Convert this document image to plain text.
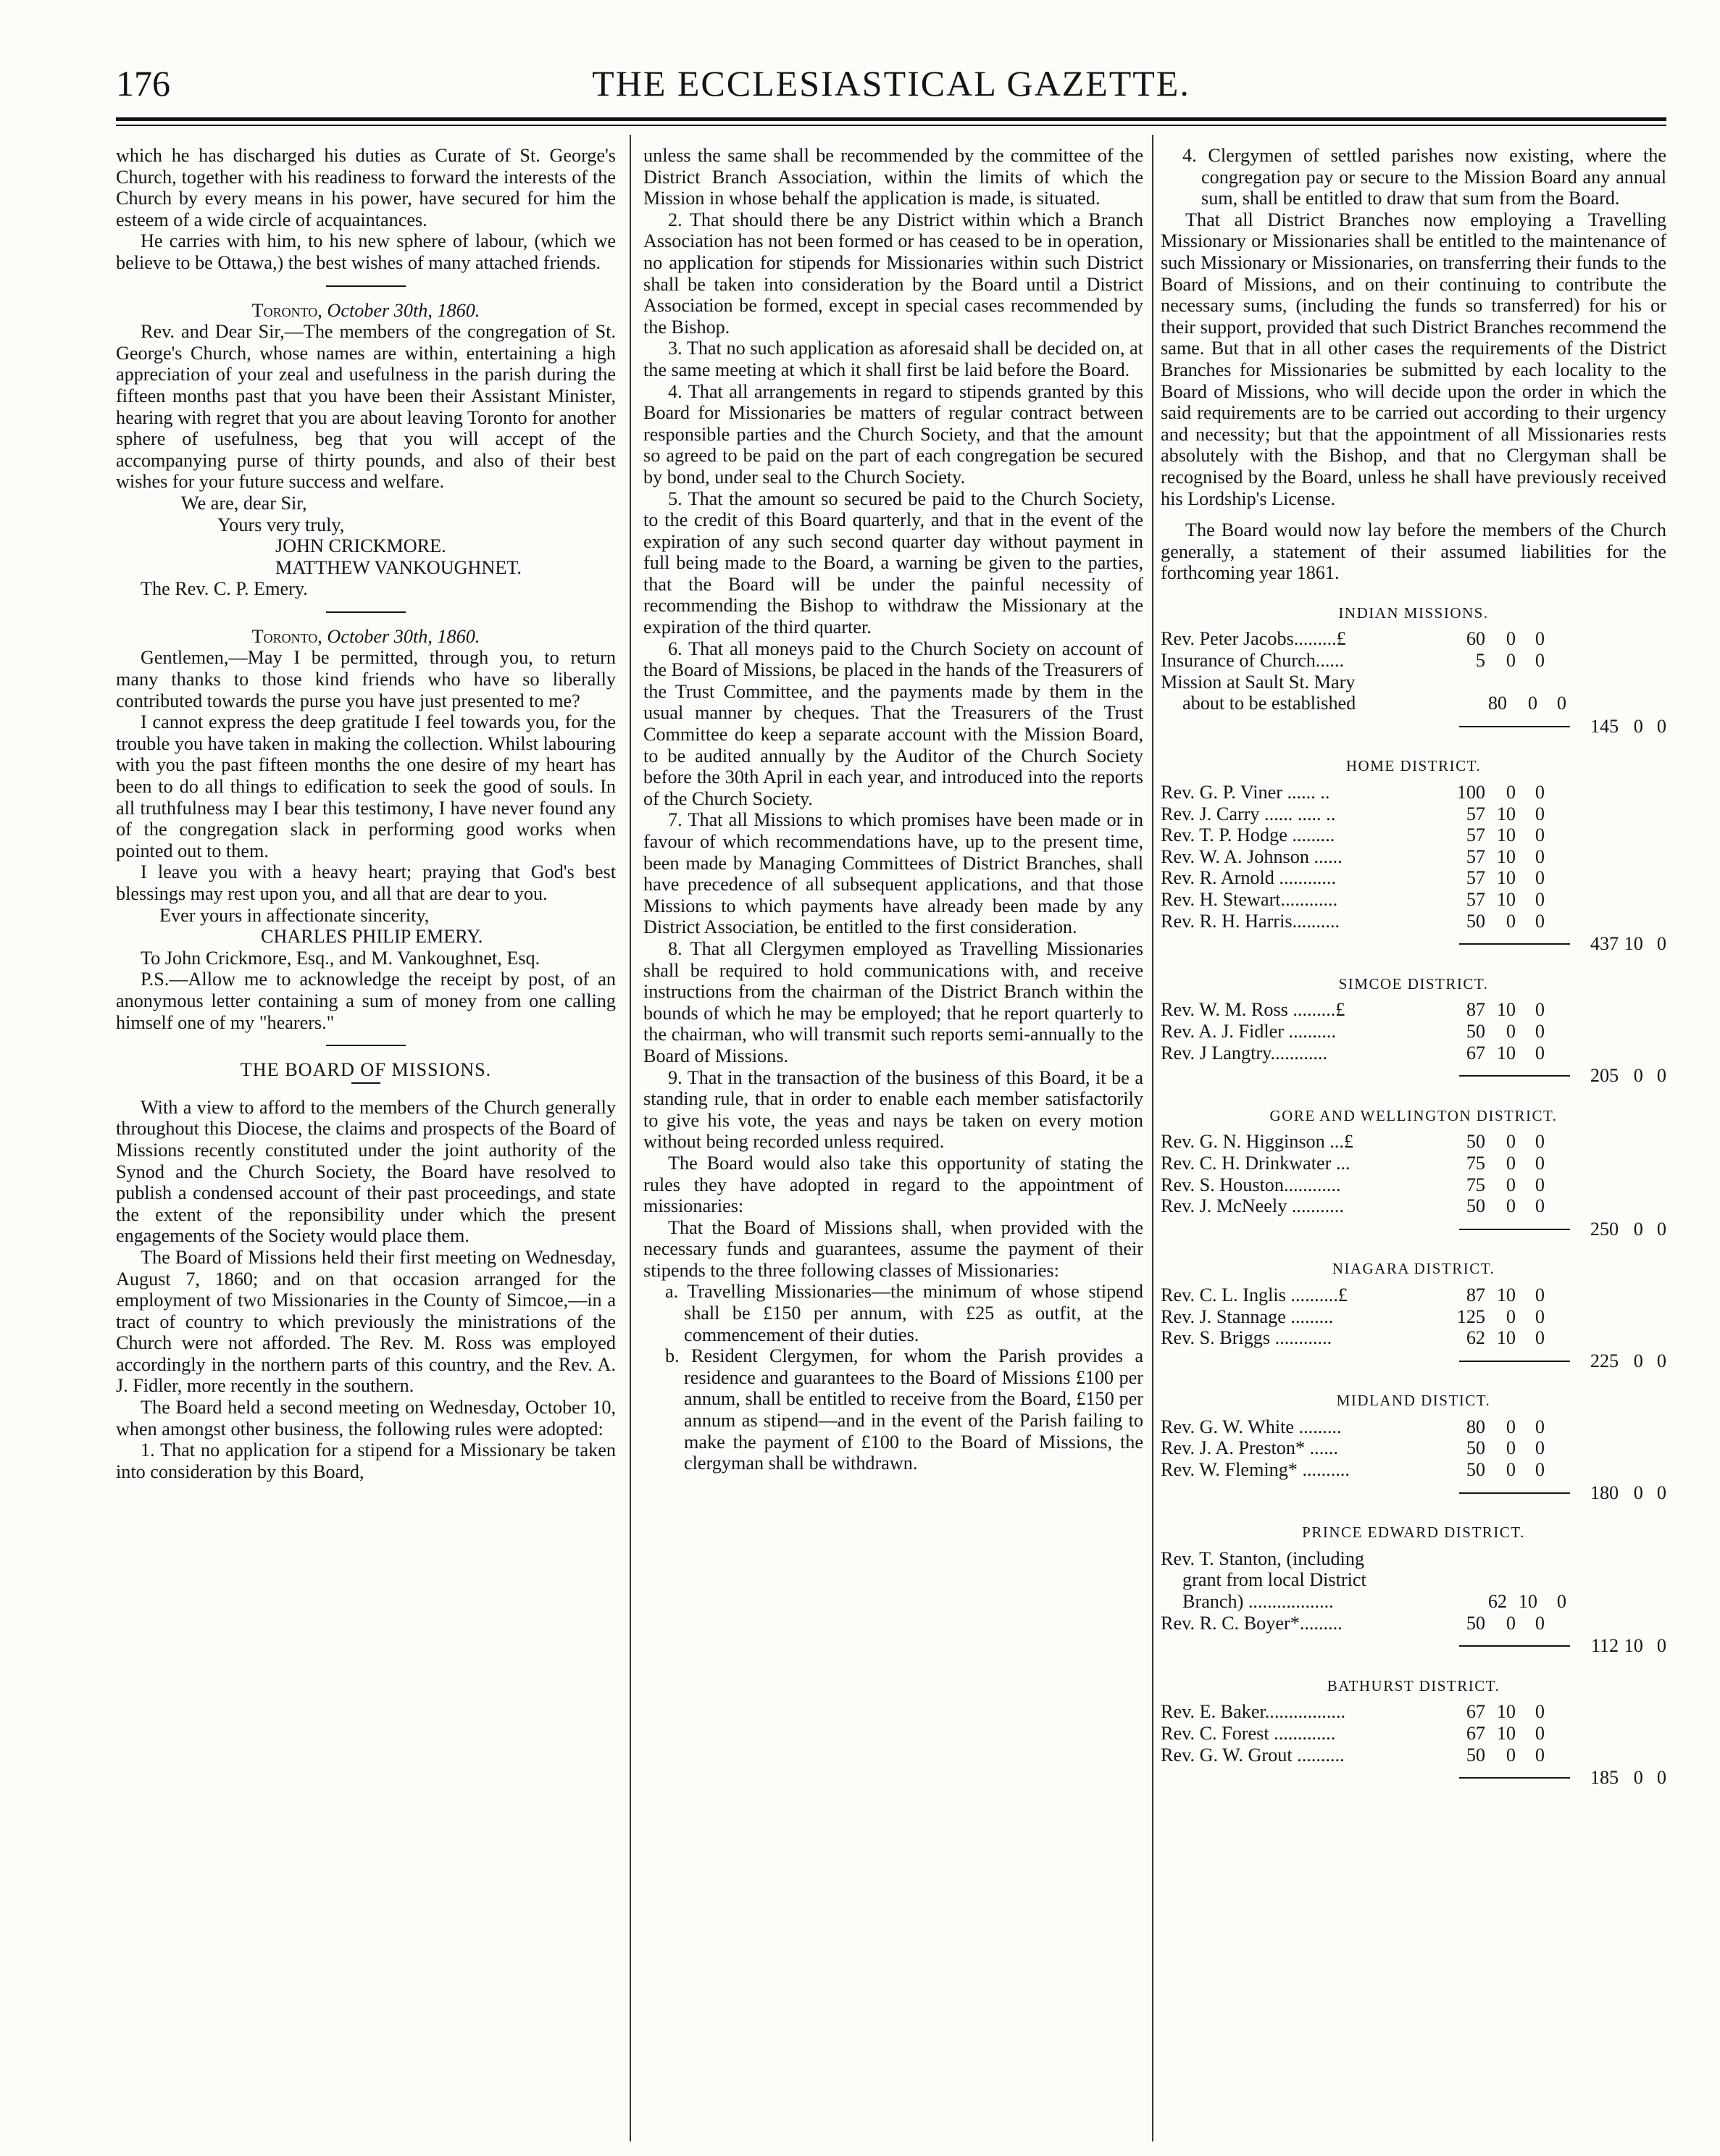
THE ECCLESIASTICAL GAZETTE.
176

which he has discharged his duties as Curate of St. George's Church, together with his readiness to forward the interests of the Church by every means in his power, have secured for him the esteem of a wide circle of acquaintances.

He carries with him, to his new sphere of labour, (which we believe to be Ottawa,) the best wishes of many attached friends.

Toronto, October 30th, 1860.

Rev. and Dear Sir,—The members of the congregation of St. George's Church, whose names are within, entertaining a high appreciation of your zeal and usefulness in the parish during the fifteen months past that you have been their Assistant Minister, hearing with regret that you are about leaving Toronto for another sphere of usefulness, beg that you will accept of the accompanying purse of thirty pounds, and also of their best wishes for your future success and welfare.

We are, dear Sir,

Yours very truly,

JOHN CRICKMORE.

MATTHEW VANKOUGHNET.

The Rev. C. P. Emery.

Toronto, October 30th, 1860.

Gentlemen,—May I be permitted, through you, to return many thanks to those kind friends who have so liberally contributed towards the purse you have just presented to me?

I cannot express the deep gratitude I feel towards you, for the trouble you have taken in making the collection. Whilst labouring with you the past fifteen months the one desire of my heart has been to do all things to edification to seek the good of souls. In all truthfulness may I bear this testimony, I have never found any of the congregation slack in performing good works when pointed out to them.

I leave you with a heavy heart; praying that God's best blessings may rest upon you, and all that are dear to you.

Ever yours in affectionate sincerity,

CHARLES PHILIP EMERY.

To John Crickmore, Esq., and M. Vankoughnet, Esq.

P.S.—Allow me to acknowledge the receipt by post, of an anonymous letter containing a sum of money from one calling himself one of my "hearers."

THE BOARD OF MISSIONS.

With a view to afford to the members of the Church generally throughout this Diocese, the claims and prospects of the Board of Missions recently constituted under the joint authority of the Synod and the Church Society, the Board have resolved to publish a condensed account of their past proceedings, and state the extent of the reponsibility under which the present engagements of the Society would place them.

The Board of Missions held their first meeting on Wednesday, August 7, 1860; and on that occasion arranged for the employment of two Missionaries in the County of Simcoe,—in a tract of country to which previously the ministrations of the Church were not afforded. The Rev. M. Ross was employed accordingly in the northern parts of this country, and the Rev. A. J. Fidler, more recently in the southern.

The Board held a second meeting on Wednesday, October 10, when amongst other business, the following rules were adopted:

1. That no application for a stipend for a Missionary be taken into consideration by this Board,

unless the same shall be recommended by the committee of the District Branch Association, within the limits of which the Mission in whose behalf the application is made, is situated.

2. That should there be any District within which a Branch Association has not been formed or has ceased to be in operation, no application for stipends for Missionaries within such District shall be taken into consideration by the Board until a District Association be formed, except in special cases recommended by the Bishop.

3. That no such application as aforesaid shall be decided on, at the same meeting at which it shall first be laid before the Board.

4. That all arrangements in regard to stipends granted by this Board for Missionaries be matters of regular contract between responsible parties and the Church Society, and that the amount so agreed to be paid on the part of each congregation be secured by bond, under seal to the Church Society.

5. That the amount so secured be paid to the Church Society, to the credit of this Board quarterly, and that in the event of the expiration of any such second quarter day without payment in full being made to the Board, a warning be given to the parties, that the Board will be under the painful necessity of recommending the Bishop to withdraw the Missionary at the expiration of the third quarter.

6. That all moneys paid to the Church Society on account of the Board of Missions, be placed in the hands of the Treasurers of the Trust Committee, and the payments made by them in the usual manner by cheques. That the Treasurers of the Trust Committee do keep a separate account with the Mission Board, to be audited annually by the Auditor of the Church Society before the 30th April in each year, and introduced into the reports of the Church Society.

7. That all Missions to which promises have been made or in favour of which recommendations have, up to the present time, been made by Managing Committees of District Branches, shall have precedence of all subsequent applications, and that those Missions to which payments have already been made by any District Association, be entitled to the first consideration.

8. That all Clergymen employed as Travelling Missionaries shall be required to hold communications with, and receive instructions from the chairman of the District Branch within the bounds of which he may be employed; that he report quarterly to the chairman, who will transmit such reports semi-annually to the Board of Missions.

9. That in the transaction of the business of this Board, it be a standing rule, that in order to enable each member satisfactorily to give his vote, the yeas and nays be taken on every motion without being recorded unless required.

The Board would also take this opportunity of stating the rules they have adopted in regard to the appointment of missionaries:

That the Board of Missions shall, when provided with the necessary funds and guarantees, assume the payment of their stipends to the three following classes of Missionaries:

a. Travelling Missionaries—the minimum of whose stipend shall be £150 per annum, with £25 as outfit, at the commencement of their duties.

b. Resident Clergymen, for whom the Parish provides a residence and guarantees to the Board of Missions £100 per annum, shall be entitled to receive from the Board, £150 per annum as stipend—and in the event of the Parish failing to make the payment of £100 to the Board of Missions, the clergyman shall be withdrawn.

4. Clergymen of settled parishes now existing, where the congregation pay or secure to the Mission Board any annual sum, shall be entitled to draw that sum from the Board.

That all District Branches now employing a Travelling Missionary or Missionaries shall be entitled to the maintenance of such Missionary or Missionaries, on transferring their funds to the Board of Missions, and on their continuing to contribute the necessary sums, (including the funds so transferred) for his or their support, provided that such District Branches recommend the same. But that in all other cases the requirements of the District Branches for Missionaries be submitted by each locality to the Board of Missions, who will decide upon the order in which the said requirements are to be carried out according to their urgency and necessity; but that the appointment of all Missionaries rests absolutely with the Bishop, and that no Clergyman shall be recognised by the Board, unless he shall have previously received his Lordship's License.

The Board would now lay before the members of the Church generally, a statement of their assumed liabilities for the forthcoming year 1861.

INDIAN MISSIONS.
Rev. Peter Jacobs.........£	60	0	0
Insurance of Church......	5	0	0
Mission at Sault St. Mary
about to be established	80	0	0
145 0 0
HOME DISTRICT.
Rev. G. P. Viner ...... ..	100	0	0
Rev. J. Carry ...... ..... ..	57 10	0
Rev. T. P. Hodge .........	57 10	0
Rev. W. A. Johnson ......	57 10	0
Rev. R. Arnold ............	57 10	0
Rev. H. Stewart............	57 10	0
Rev. R. H. Harris..........	50	0	0
437 10 0
SIMCOE DISTRICT.
Rev. W. M. Ross .........£	87 10	0
Rev. A. J. Fidler ..........	50	0	0
Rev. J Langtry............	67 10	0
205 0 0
GORE AND WELLINGTON DISTRICT.
Rev. G. N. Higginson ...£	50	0	0
Rev. C. H. Drinkwater ...	75	0	0
Rev. S. Houston............	75	0	0
Rev. J. McNeely ...........	50	0	0
250 0 0
NIAGARA DISTRICT.
Rev. C. L. Inglis ..........£	87 10	0
Rev. J. Stannage .........	125	0	0
Rev. S. Briggs ............	62 10	0
225 0 0
MIDLAND DISTICT.
Rev. G. W. White .........	80	0	0
Rev. J. A. Preston* ......	50	0	0
Rev. W. Fleming* ..........	50	0	0
180 0 0
PRINCE EDWARD DISTRICT.
Rev. T. Stanton, (including
grant from local District
Branch) ..................	62 10	0
Rev. R. C. Boyer*.........	50	0	0
112 10 0
BATHURST DISTRICT.
Rev. E. Baker.................	67 10	0
Rev. C. Forest .............	67 10	0
Rev. G. W. Grout ..........	50	0	0
185 0 0
